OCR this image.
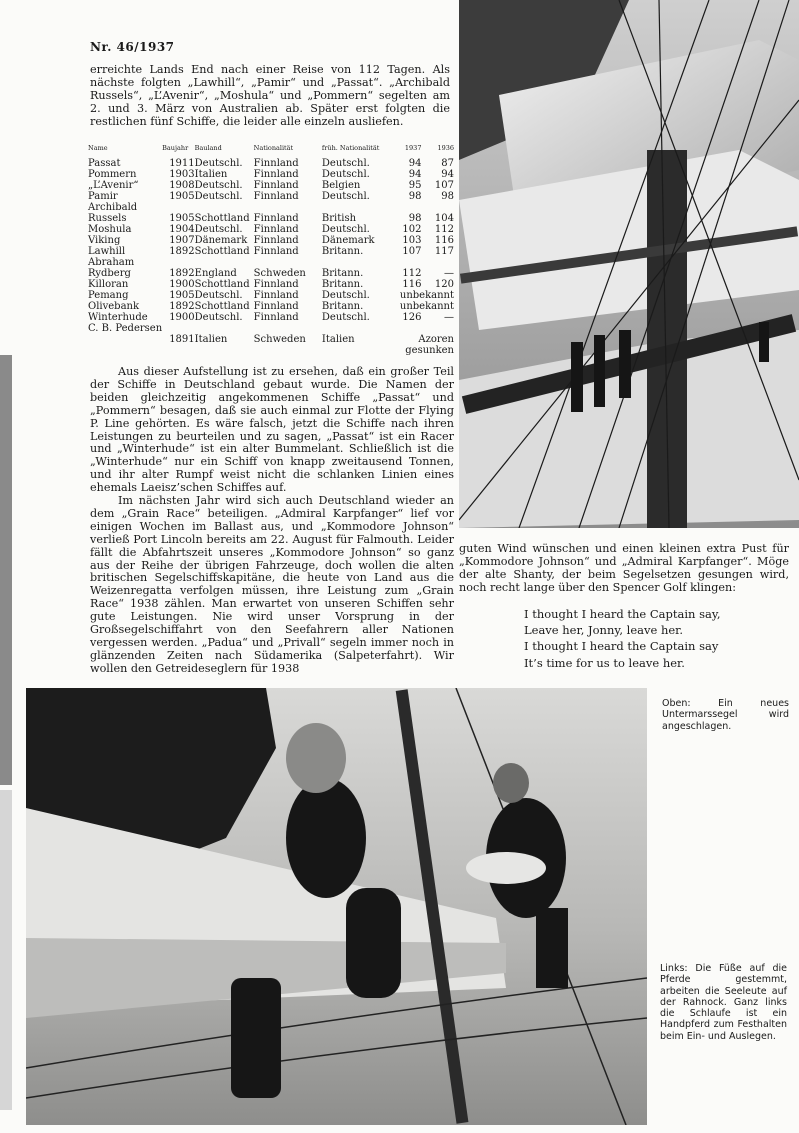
Nr. 46/1937

erreichte Lands End nach einer Reise von 112 Tagen. Als nächste folgten „Lawhill“, „Pamir“ und „Passat“. „Archibald Russels“, „L’Avenir“, „Moshula“ und „Pommern“ segelten am 2. und 3. März von Australien ab. Später erst folgten die restlichen fünf Schiffe, die leider alle einzeln ausliefen.

Name	Baujahr	Bauland	Nationalität	früh. Nationalität	1937	1936
Passat	1911	Deutschl.	Finnland	Deutschl.	94	87
Pommern	1903	Italien	Finnland	Deutschl.	94	94
„L’Avenir“	1908	Deutschl.	Finnland	Belgien	95	107
Pamir	1905	Deutschl.	Finnland	Deutschl.	98	98
Archibald						
Russels	1905	Schottland	Finnland	British	98	104
Moshula	1904	Deutschl.	Finnland	Deutschl.	102	112
Viking	1907	Dänemark	Finnland	Dänemark	103	116
Lawhill	1892	Schottland	Finnland	Britann.	107	117
Abraham						
Rydberg	1892	England	Schweden	Britann.	112	—
Killoran	1900	Schottland	Finnland	Britann.	116	120
Pemang	1905	Deutschl.	Finnland	Deutschl.	unbekannt	
Olivebank	1892	Schottland	Finnland	Britann.	unbekannt	
Winterhude	1900	Deutschl.	Finnland	Deutschl.	126	—
C. B. Pedersen						
	1891	Italien	Schweden	Italien	Azoren gesunken	

Aus dieser Aufstellung ist zu ersehen, daß ein großer Teil der Schiffe in Deutschland gebaut wurde. Die Namen der beiden gleichzeitig angekommenen Schiffe „Passat“ und „Pommern“ besagen, daß sie auch einmal zur Flotte der Flying P. Line gehörten. Es wäre falsch, jetzt die Schiffe nach ihren Leistungen zu beurteilen und zu sagen, „Passat“ ist ein Racer und „Winterhude“ ist ein alter Bummelant. Schließlich ist die „Winterhude“ nur ein Schiff von knapp zweitausend Tonnen, und ihr alter Rumpf weist nicht die schlanken Linien eines ehemals Laeisz’schen Schiffes auf.

Im nächsten Jahr wird sich auch Deutschland wieder an dem „Grain Race“ beteiligen. „Admiral Karpfanger“ lief vor einigen Wochen im Ballast aus, und „Kommodore Johnson“ verließ Port Lincoln bereits am 22. August für Falmouth. Leider fällt die Abfahrtszeit unseres „Kommodore Johnson“ so ganz aus der Reihe der übrigen Fahrzeuge, doch wollen die alten britischen Segelschiffskapitäne, die heute von Land aus die Weizenregatta verfolgen müssen, ihre Leistung zum „Grain Race“ 1938 zählen. Man erwartet von unseren Schiffen sehr gute Leistungen. Nie wird unser Vorsprung in der Großsegelschiffahrt von den Seefahrern aller Nationen vergessen werden. „Padua“ und „Privall“ segeln immer noch in glänzenden Zeiten nach Südamerika (Salpeterfahrt). Wir wollen den Getreideseglern für 1938

guten Wind wünschen und einen kleinen extra Pust für „Kommodore Johnson“ und „Admiral Karpfanger“. Möge der alte Shanty, der beim Segelsetzen gesungen wird, noch recht lange über den Spencer Golf klingen:

I thought I heard the Captain say,
Leave her, Jonny, leave her.
I thought I heard the Captain say
It’s time for us to leave her.
Oben: Ein neues Untermarssegel wird angeschlagen.
Links: Die Füße auf die Pferde gestemmt, arbeiten die Seeleute auf der Rahnock. Ganz links die Schlaufe ist ein Handpferd zum Festhalten beim Ein- und Auslegen.
